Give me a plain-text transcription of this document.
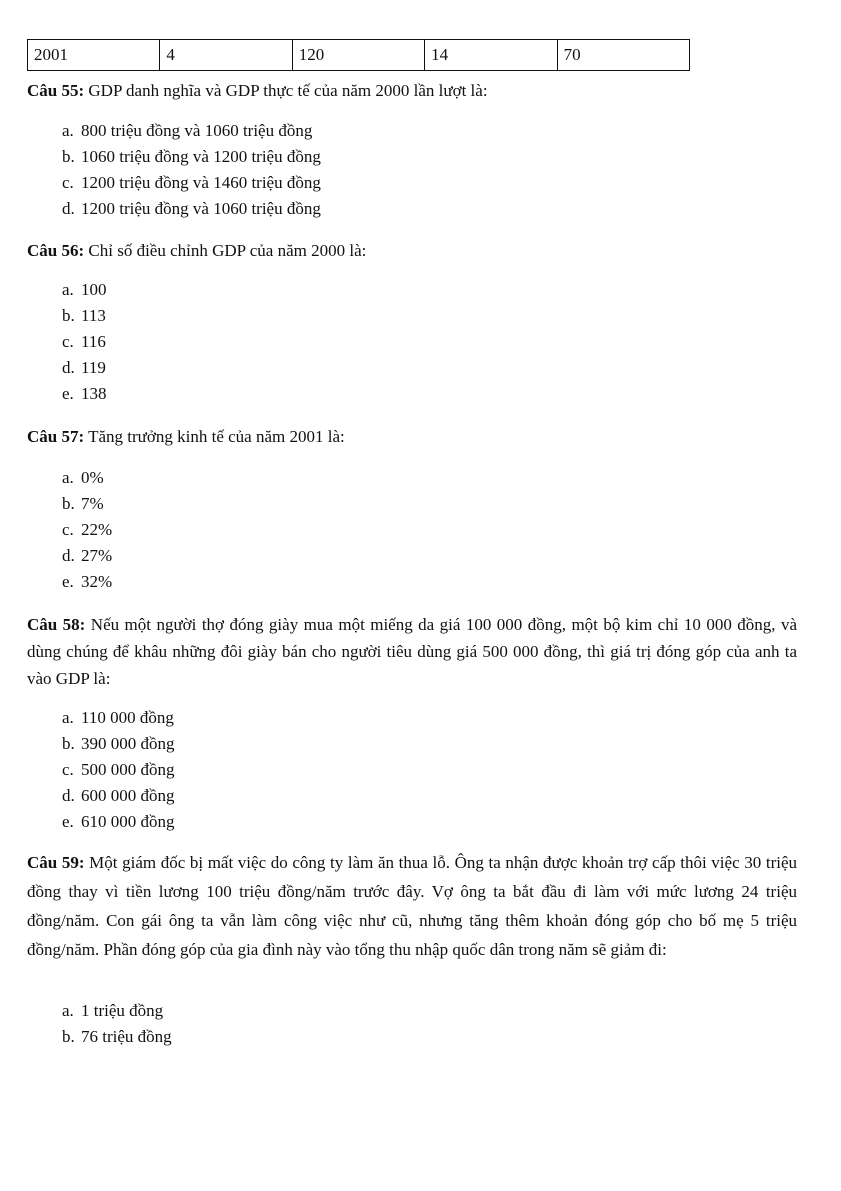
2001	4	120	14	70

Câu 55: GDP danh nghĩa và GDP thực tế của năm 2000 lần lượt là:

a. 800 triệu đồng và 1060 triệu đồng
b. 1060 triệu đồng và 1200 triệu đồng
c. 1200 triệu đồng và 1460 triệu đồng
d. 1200 triệu đồng và 1060 triệu đồng

Câu 56: Chỉ số điều chỉnh GDP của năm 2000 là:

a. 100
b. 113
c. 116
d. 119
e. 138

Câu 57: Tăng trưởng kinh tế của năm 2001 là:

a. 0%
b. 7%
c. 22%
d. 27%
e. 32%

Câu 58: Nếu một người thợ đóng giày mua một miếng da giá 100 000 đồng, một bộ kim chỉ 10 000 đồng, và dùng chúng để khâu những đôi giày bán cho người tiêu dùng giá 500 000 đồng, thì giá trị đóng góp của anh ta vào GDP là:

a. 110 000 đồng
b. 390 000 đồng
c. 500 000 đồng
d. 600 000 đồng
e. 610 000 đồng

Câu 59: Một giám đốc bị mất việc do công ty làm ăn thua lỗ. Ông ta nhận được khoản trợ cấp thôi việc 30 triệu đồng thay vì tiền lương 100 triệu đồng/năm trước đây. Vợ ông ta bắt đầu đi làm với mức lương 24 triệu đồng/năm. Con gái ông ta vẫn làm công việc như cũ, nhưng tăng thêm khoản đóng góp cho bố mẹ 5 triệu đồng/năm. Phần đóng góp của gia đình này vào tổng thu nhập quốc dân trong năm sẽ giảm đi:

a. 1 triệu đồng
b. 76 triệu đồng
